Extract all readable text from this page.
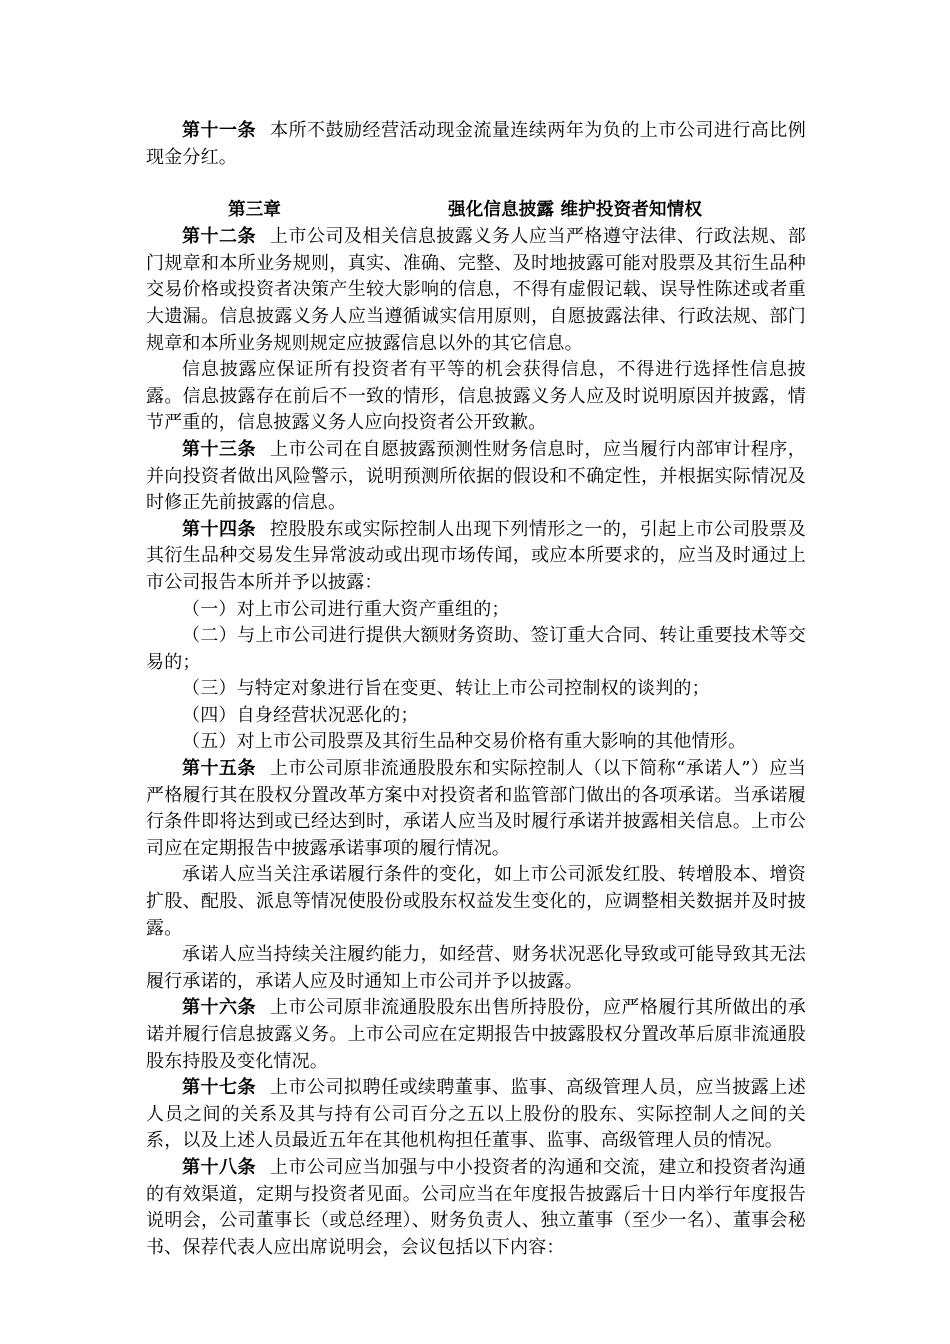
第十一条 本所不鼓励经营活动现金流量连续两年为负的上市公司进行高比例现金分红。

第三章	强化信息披露 维护投资者知情权

第十二条 上市公司及相关信息披露义务人应当严格遵守法律、行政法规、部门规章和本所业务规则，真实、准确、完整、及时地披露可能对股票及其衍生品种交易价格或投资者决策产生较大影响的信息，不得有虚假记载、误导性陈述或者重大遗漏。信息披露义务人应当遵循诚实信用原则，自愿披露法律、行政法规、部门规章和本所业务规则规定应披露信息以外的其它信息。

信息披露应保证所有投资者有平等的机会获得信息，不得进行选择性信息披露。信息披露存在前后不一致的情形，信息披露义务人应及时说明原因并披露，情节严重的，信息披露义务人应向投资者公开致歉。

第十三条 上市公司在自愿披露预测性财务信息时，应当履行内部审计程序，并向投资者做出风险警示，说明预测所依据的假设和不确定性，并根据实际情况及时修正先前披露的信息。

第十四条 控股股东或实际控制人出现下列情形之一的，引起上市公司股票及其衍生品种交易发生异常波动或出现市场传闻，或应本所要求的，应当及时通过上市公司报告本所并予以披露：

（一）对上市公司进行重大资产重组的；

（二）与上市公司进行提供大额财务资助、签订重大合同、转让重要技术等交易的；

（三）与特定对象进行旨在变更、转让上市公司控制权的谈判的；

（四）自身经营状况恶化的；

（五）对上市公司股票及其衍生品种交易价格有重大影响的其他情形。

第十五条 上市公司原非流通股股东和实际控制人（以下简称“承诺人”）应当严格履行其在股权分置改革方案中对投资者和监管部门做出的各项承诺。当承诺履行条件即将达到或已经达到时，承诺人应当及时履行承诺并披露相关信息。上市公司应在定期报告中披露承诺事项的履行情况。

承诺人应当关注承诺履行条件的变化，如上市公司派发红股、转增股本、增资扩股、配股、派息等情况使股份或股东权益发生变化的，应调整相关数据并及时披露。

承诺人应当持续关注履约能力，如经营、财务状况恶化导致或可能导致其无法履行承诺的，承诺人应及时通知上市公司并予以披露。

第十六条 上市公司原非流通股股东出售所持股份，应严格履行其所做出的承诺并履行信息披露义务。上市公司应在定期报告中披露股权分置改革后原非流通股股东持股及变化情况。

第十七条 上市公司拟聘任或续聘董事、监事、高级管理人员，应当披露上述人员之间的关系及其与持有公司百分之五以上股份的股东、实际控制人之间的关系，以及上述人员最近五年在其他机构担任董事、监事、高级管理人员的情况。

第十八条 上市公司应当加强与中小投资者的沟通和交流，建立和投资者沟通的有效渠道，定期与投资者见面。公司应当在年度报告披露后十日内举行年度报告说明会，公司董事长（或总经理）、财务负责人、独立董事（至少一名）、董事会秘书、保荐代表人应出席说明会，会议包括以下内容：
